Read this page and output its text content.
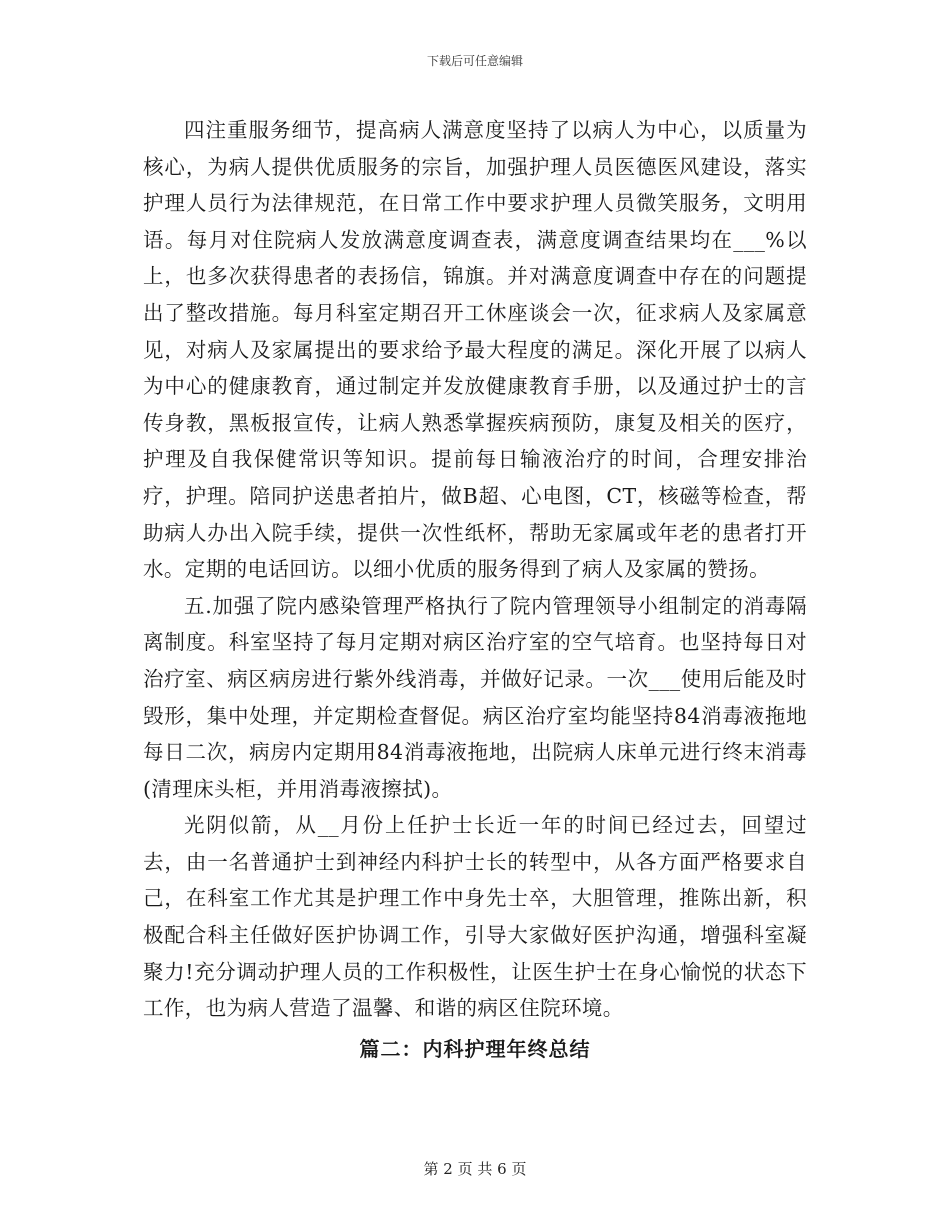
下载后可任意编辑

四注重服务细节，提高病人满意度坚持了以病人为中心，以质量为核心，为病人提供优质服务的宗旨，加强护理人员医德医风建设，落实护理人员行为法律规范，在日常工作中要求护理人员微笑服务，文明用语。每月对住院病人发放满意度调查表，满意度调查结果均在___%以上，也多次获得患者的表扬信，锦旗。并对满意度调查中存在的问题提出了整改措施。每月科室定期召开工休座谈会一次，征求病人及家属意见，对病人及家属提出的要求给予最大程度的满足。深化开展了以病人为中心的健康教育，通过制定并发放健康教育手册，以及通过护士的言传身教，黑板报宣传，让病人熟悉掌握疾病预防，康复及相关的医疗，护理及自我保健常识等知识。提前每日输液治疗的时间，合理安排治疗，护理。陪同护送患者拍片，做B超、心电图，CT，核磁等检查，帮助病人办出入院手续，提供一次性纸杯，帮助无家属或年老的患者打开水。定期的电话回访。以细小优质的服务得到了病人及家属的赞扬。

五.加强了院内感染管理严格执行了院内管理领导小组制定的消毒隔离制度。科室坚持了每月定期对病区治疗室的空气培育。也坚持每日对治疗室、病区病房进行紫外线消毒，并做好记录。一次___使用后能及时毁形，集中处理，并定期检查督促。病区治疗室均能坚持84消毒液拖地每日二次，病房内定期用84消毒液拖地，出院病人床单元进行终末消毒(清理床头柜，并用消毒液擦拭)。

光阴似箭，从__月份上任护士长近一年的时间已经过去，回望过去，由一名普通护士到神经内科护士长的转型中，从各方面严格要求自己，在科室工作尤其是护理工作中身先士卒，大胆管理，推陈出新，积极配合科主任做好医护协调工作，引导大家做好医护沟通，增强科室凝聚力!充分调动护理人员的工作积极性，让医生护士在身心愉悦的状态下工作，也为病人营造了温馨、和谐的病区住院环境。

篇二：内科护理年终总结
第 2 页 共 6 页
